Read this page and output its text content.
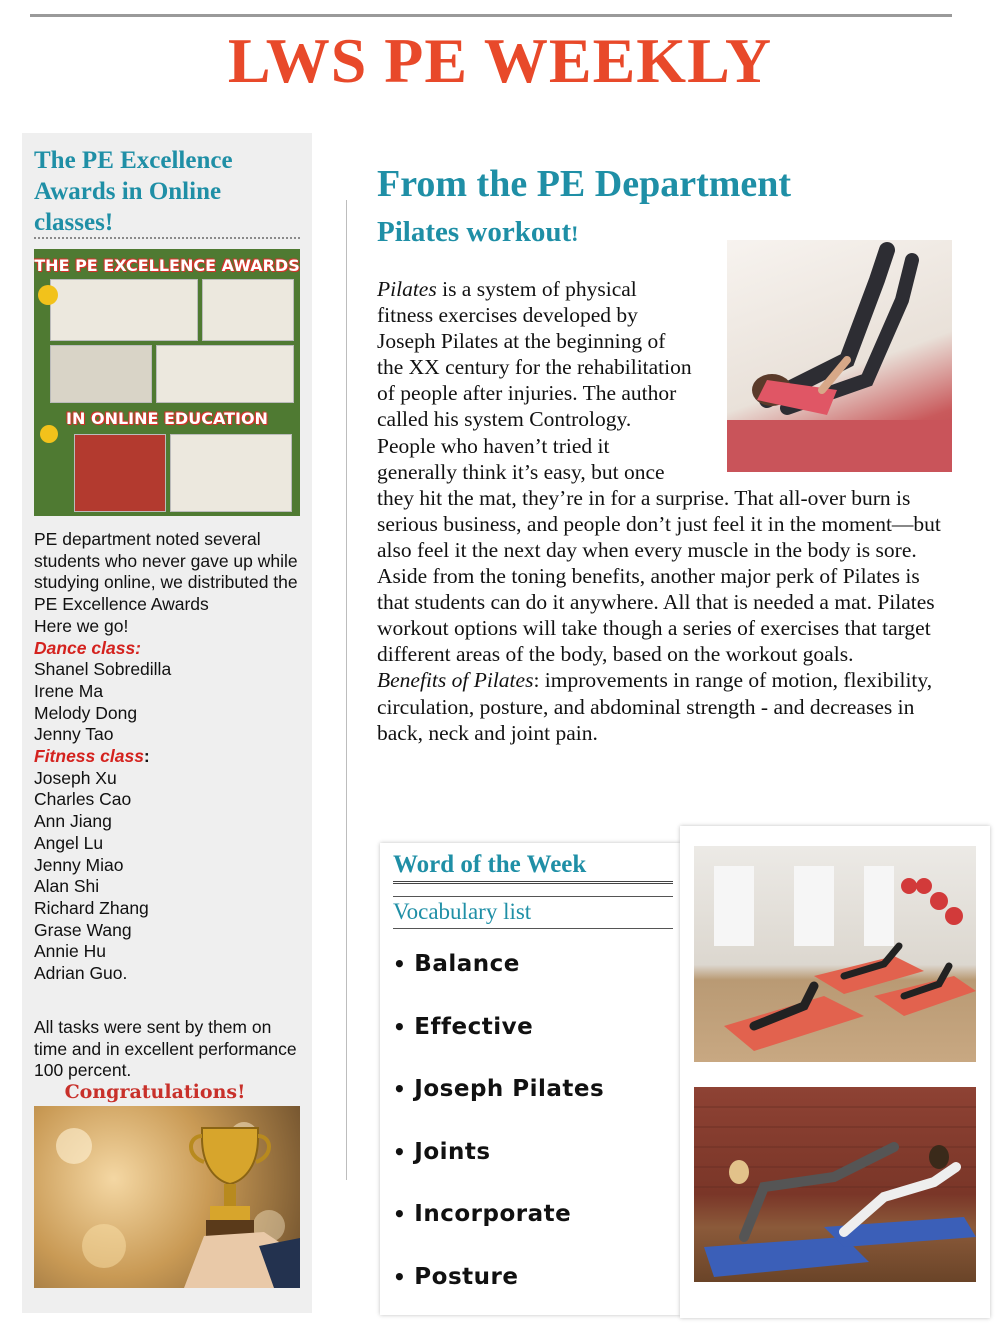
LWS PE WEEKLY
The PE Excellence Awards in Online classes!
THE PE EXCELLENCE AWARDS
IN ONLINE EDUCATION

PE department noted several students who never gave up while studying online, we distributed the PE Excellence Awards

Here we go!

Dance class:

Shanel Sobredilla

Irene Ma

Melody Dong

Jenny Tao

Fitness class:

Joseph Xu

Charles Cao

Ann Jiang

Angel Lu

Jenny Miao

Alan Shi

Richard Zhang

Grase Wang

Annie Hu

Adrian Guo.

All tasks were sent by them on time and in excellent performance 100 percent.

Congratulations!

From the PE Department
Pilates workout!

Pilates is a system of physical
fitness exercises developed by
Joseph Pilates at the beginning of
the XX century for the rehabilitation
of people after injuries. The author
called his system Contrology.
People who haven’t tried it
generally think it’s easy, but once

they hit the mat, they’re in for a surprise. That all-over burn is serious business, and people don’t just feel it in the moment—but also feel it the next day when every muscle in the body is sore.

Aside from the toning benefits, another major perk of Pilates is that students can do it anywhere. All that is needed a mat. Pilates workout options will take though a series of exercises that target different areas of the body, based on the workout goals.

Benefits of Pilates: improvements in range of motion, flexibility, circulation, posture, and abdominal strength - and decreases in back, neck and joint pain.

Word of the Week

Vocabulary list

• Balance
• Effective
• Joseph Pilates
• Joints
• Incorporate
• Posture
